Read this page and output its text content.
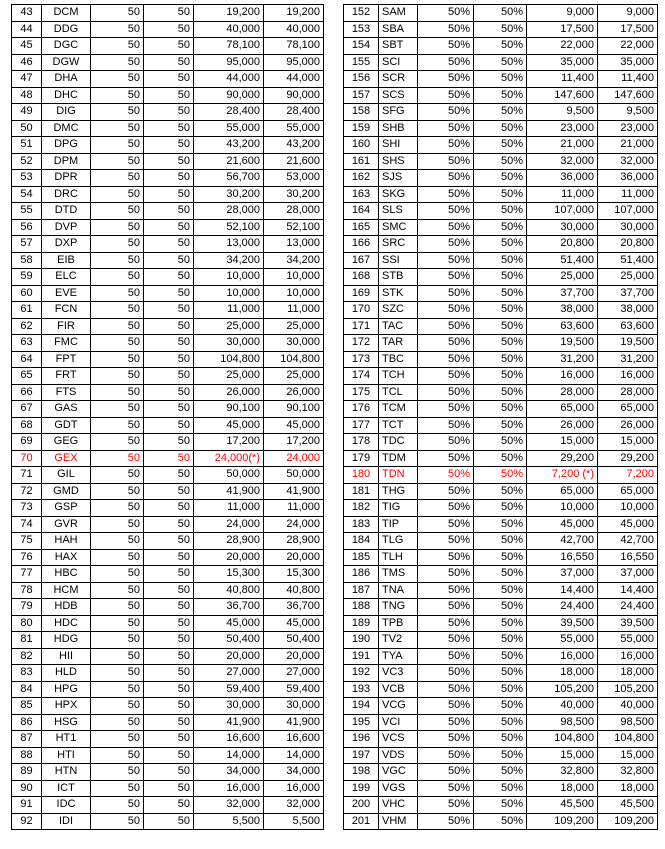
43	DCM	50	50	19,200	19,200
44	DDG	50	50	40,000	40,000
45	DGC	50	50	78,100	78,100
46	DGW	50	50	95,000	95,000
47	DHA	50	50	44,000	44,000
48	DHC	50	50	90,000	90,000
49	DIG	50	50	28,400	28,400
50	DMC	50	50	55,000	55,000
51	DPG	50	50	43,200	43,200
52	DPM	50	50	21,600	21,600
53	DPR	50	50	56,700	53,000
54	DRC	50	50	30,200	30,200
55	DTD	50	50	28,000	28,000
56	DVP	50	50	52,100	52,100
57	DXP	50	50	13,000	13,000
58	EIB	50	50	34,200	34,200
59	ELC	50	50	10,000	10,000
60	EVE	50	50	10,000	10,000
61	FCN	50	50	11,000	11,000
62	FIR	50	50	25,000	25,000
63	FMC	50	50	30,000	30,000
64	FPT	50	50	104,800	104,800
65	FRT	50	50	25,000	25,000
66	FTS	50	50	26,000	26,000
67	GAS	50	50	90,100	90,100
68	GDT	50	50	45,000	45,000
69	GEG	50	50	17,200	17,200
70	GEX	50	50	24,000(*)	24,000
71	GIL	50	50	50,000	50,000
72	GMD	50	50	41,900	41,900
73	GSP	50	50	11,000	11,000
74	GVR	50	50	24,000	24,000
75	HAH	50	50	28,900	28,900
76	HAX	50	50	20,000	20,000
77	HBC	50	50	15,300	15,300
78	HCM	50	50	40,800	40,800
79	HDB	50	50	36,700	36,700
80	HDC	50	50	45,000	45,000
81	HDG	50	50	50,400	50,400
82	HII	50	50	20,000	20,000
83	HLD	50	50	27,000	27,000
84	HPG	50	50	59,400	59,400
85	HPX	50	50	30,000	30,000
86	HSG	50	50	41,900	41,900
87	HT1	50	50	16,600	16,600
88	HTI	50	50	14,000	14,000
89	HTN	50	50	34,000	34,000
90	ICT	50	50	16,000	16,000
91	IDC	50	50	32,000	32,000
92	IDI	50	50	5,500	5,500
152	SAM	50%	50%	9,000	9,000
153	SBA	50%	50%	17,500	17,500
154	SBT	50%	50%	22,000	22,000
155	SCI	50%	50%	35,000	35,000
156	SCR	50%	50%	11,400	11,400
157	SCS	50%	50%	147,600	147,600
158	SFG	50%	50%	9,500	9,500
159	SHB	50%	50%	23,000	23,000
160	SHI	50%	50%	21,000	21,000
161	SHS	50%	50%	32,000	32,000
162	SJS	50%	50%	36,000	36,000
163	SKG	50%	50%	11,000	11,000
164	SLS	50%	50%	107,000	107,000
165	SMC	50%	50%	30,000	30,000
166	SRC	50%	50%	20,800	20,800
167	SSI	50%	50%	51,400	51,400
168	STB	50%	50%	25,000	25,000
169	STK	50%	50%	37,700	37,700
170	SZC	50%	50%	38,000	38,000
171	TAC	50%	50%	63,600	63,600
172	TAR	50%	50%	19,500	19,500
173	TBC	50%	50%	31,200	31,200
174	TCH	50%	50%	16,000	16,000
175	TCL	50%	50%	28,000	28,000
176	TCM	50%	50%	65,000	65,000
177	TCT	50%	50%	26,000	26,000
178	TDC	50%	50%	15,000	15,000
179	TDM	50%	50%	29,200	29,200
180	TDN	50%	50%	7,200 (*)	7,200
181	THG	50%	50%	65,000	65,000
182	TIG	50%	50%	10,000	10,000
183	TIP	50%	50%	45,000	45,000
184	TLG	50%	50%	42,700	42,700
185	TLH	50%	50%	16,550	16,550
186	TMS	50%	50%	37,000	37,000
187	TNA	50%	50%	14,400	14,400
188	TNG	50%	50%	24,400	24,400
189	TPB	50%	50%	39,500	39,500
190	TV2	50%	50%	55,000	55,000
191	TYA	50%	50%	16,000	16,000
192	VC3	50%	50%	18,000	18,000
193	VCB	50%	50%	105,200	105,200
194	VCG	50%	50%	40,000	40,000
195	VCI	50%	50%	98,500	98,500
196	VCS	50%	50%	104,800	104,800
197	VDS	50%	50%	15,000	15,000
198	VGC	50%	50%	32,800	32,800
199	VGS	50%	50%	18,000	18,000
200	VHC	50%	50%	45,500	45,500
201	VHM	50%	50%	109,200	109,200
